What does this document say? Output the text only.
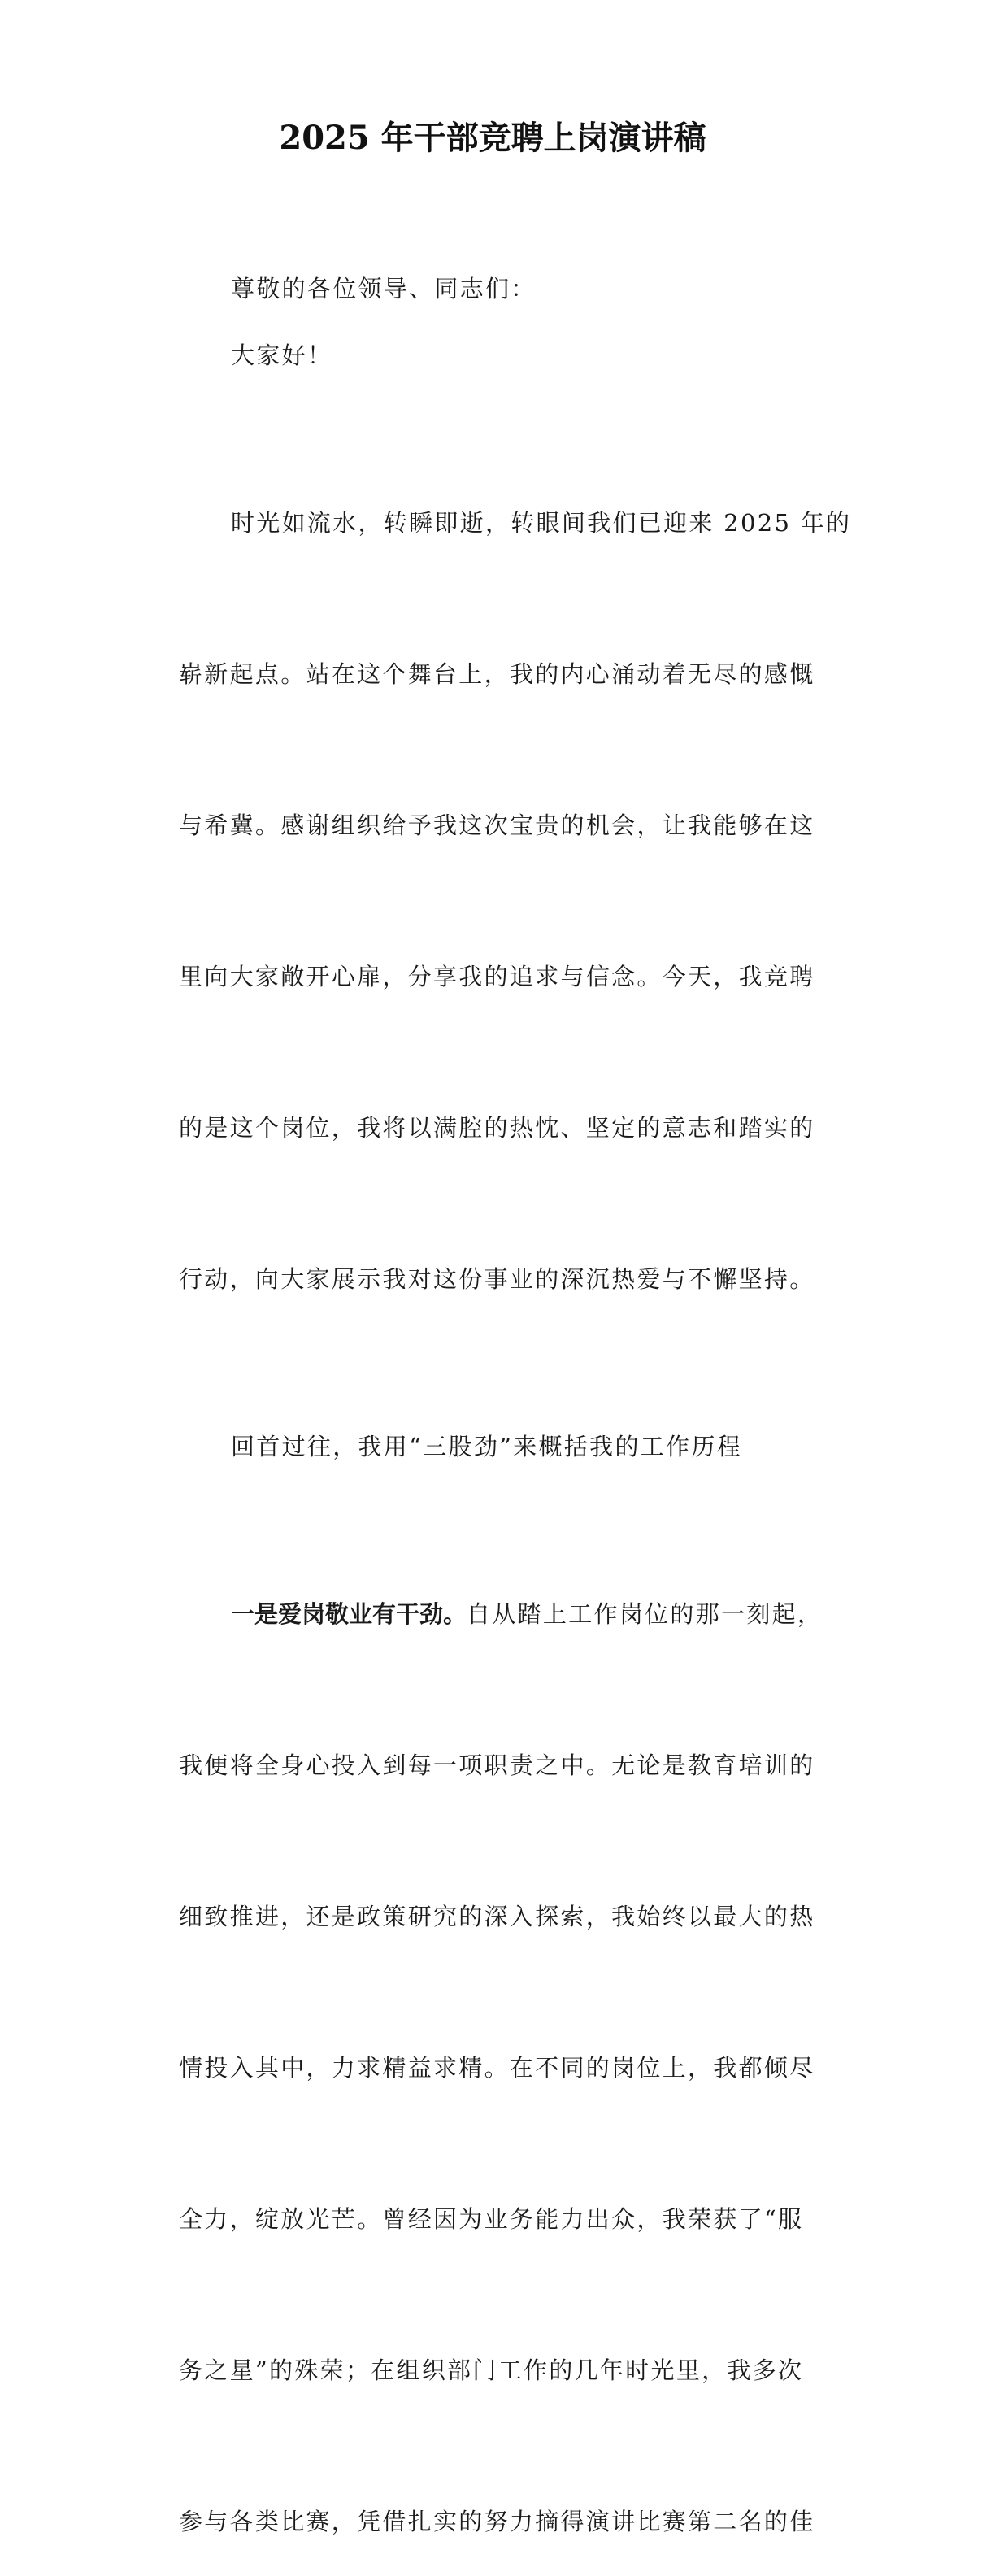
2025 年干部竞聘上岗演讲稿

尊敬的各位领导、同志们：

大家好！

时光如流水，转瞬即逝，转眼间我们已迎来 2025 年的

崭新起点。站在这个舞台上，我的内心涌动着无尽的感慨

与希冀。感谢组织给予我这次宝贵的机会，让我能够在这

里向大家敞开心扉，分享我的追求与信念。今天，我竞聘

的是这个岗位，我将以满腔的热忱、坚定的意志和踏实的

行动，向大家展示我对这份事业的深沉热爱与不懈坚持。

回首过往，我用“三股劲”来概括我的工作历程

一是爱岗敬业有干劲。自从踏上工作岗位的那一刻起，

我便将全身心投入到每一项职责之中。无论是教育培训的

细致推进，还是政策研究的深入探索，我始终以最大的热

情投入其中，力求精益求精。在不同的岗位上，我都倾尽

全力，绽放光芒。曾经因为业务能力出众，我荣获了“服

务之星”的殊荣；在组织部门工作的几年时光里，我多次

参与各类比赛，凭借扎实的努力摘得演讲比赛第二名的佳
